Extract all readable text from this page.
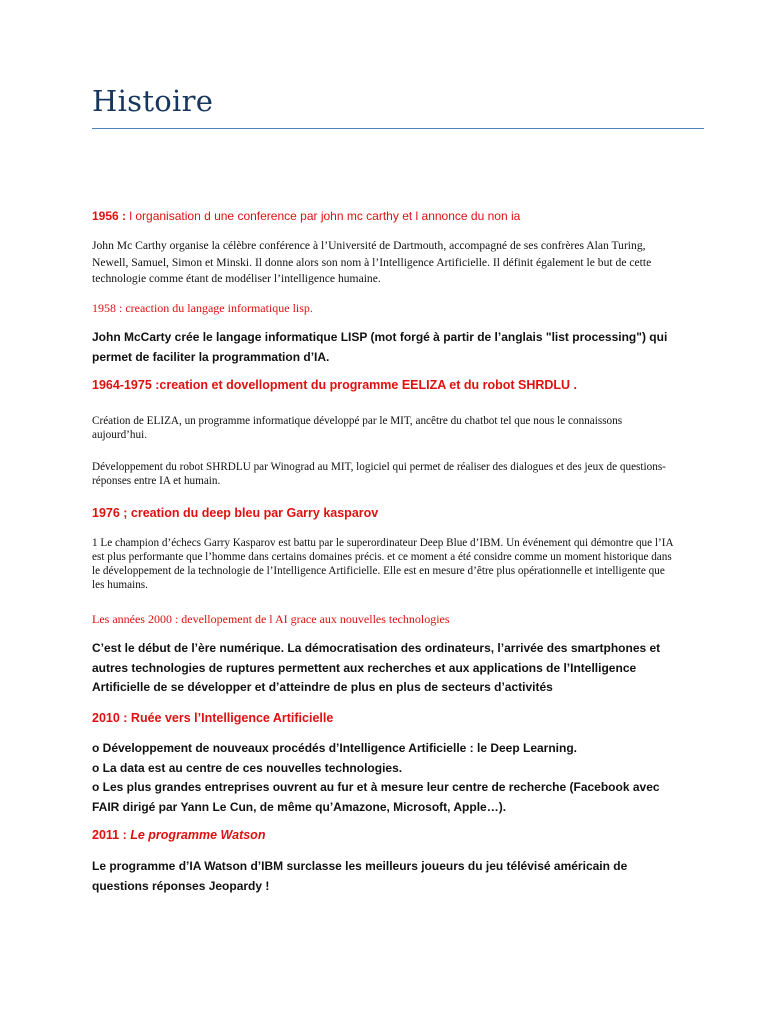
Histoire
1956 : l organisation d une conference par john mc carthy et l annonce du non ia
John Mc Carthy organise la célèbre conférence à l’Université de Dartmouth, accompagné de ses confrères Alan Turing, Newell, Samuel, Simon et Minski. Il donne alors son nom à l’Intelligence Artificielle. Il définit également le but de cette technologie comme étant de modéliser l’intelligence humaine.
1958 : creaction du langage informatique lisp.
John McCarty crée le langage informatique LISP (mot forgé à partir de l’anglais "list processing") qui permet de faciliter la programmation d’IA.
1964-1975 :creation et dovellopment du programme EELIZA et du robot SHRDLU .
Création de ELIZA, un programme informatique développé par le MIT, ancêtre du chatbot tel que nous le connaissons aujourd’hui.
Développement du robot SHRDLU par Winograd au MIT, logiciel qui permet de réaliser des dialogues et des jeux de questions-réponses entre IA et humain.
1976 ; creation du deep bleu par Garry kasparov
1 Le champion d’échecs Garry Kasparov est battu par le superordinateur Deep Blue d’IBM. Un événement qui démontre que l’IA est plus performante que l’homme dans certains domaines précis. et ce moment a été considre comme un moment historique dans le développement de la technologie de l’Intelligence Artificielle. Elle est en mesure d’être plus opérationnelle et intelligente que les humains.
Les années 2000 : devellopement de l AI grace aux nouvelles technologies
C’est le début de l’ère numérique. La démocratisation des ordinateurs, l’arrivée des smartphones et autres technologies de ruptures permettent aux recherches et aux applications de l’Intelligence Artificielle de se développer et d’atteindre de plus en plus de secteurs d’activités
2010 : Ruée vers l’Intelligence Artificielle
o Développement de nouveaux procédés d’Intelligence Artificielle : le Deep Learning.
o La data est au centre de ces nouvelles technologies.
o Les plus grandes entreprises ouvrent au fur et à mesure leur centre de recherche (Facebook avec FAIR dirigé par Yann Le Cun, de même qu’Amazone, Microsoft, Apple…).
2011 : Le programme Watson
Le programme d’IA Watson d’IBM surclasse les meilleurs joueurs du jeu télévisé américain de questions réponses Jeopardy !
